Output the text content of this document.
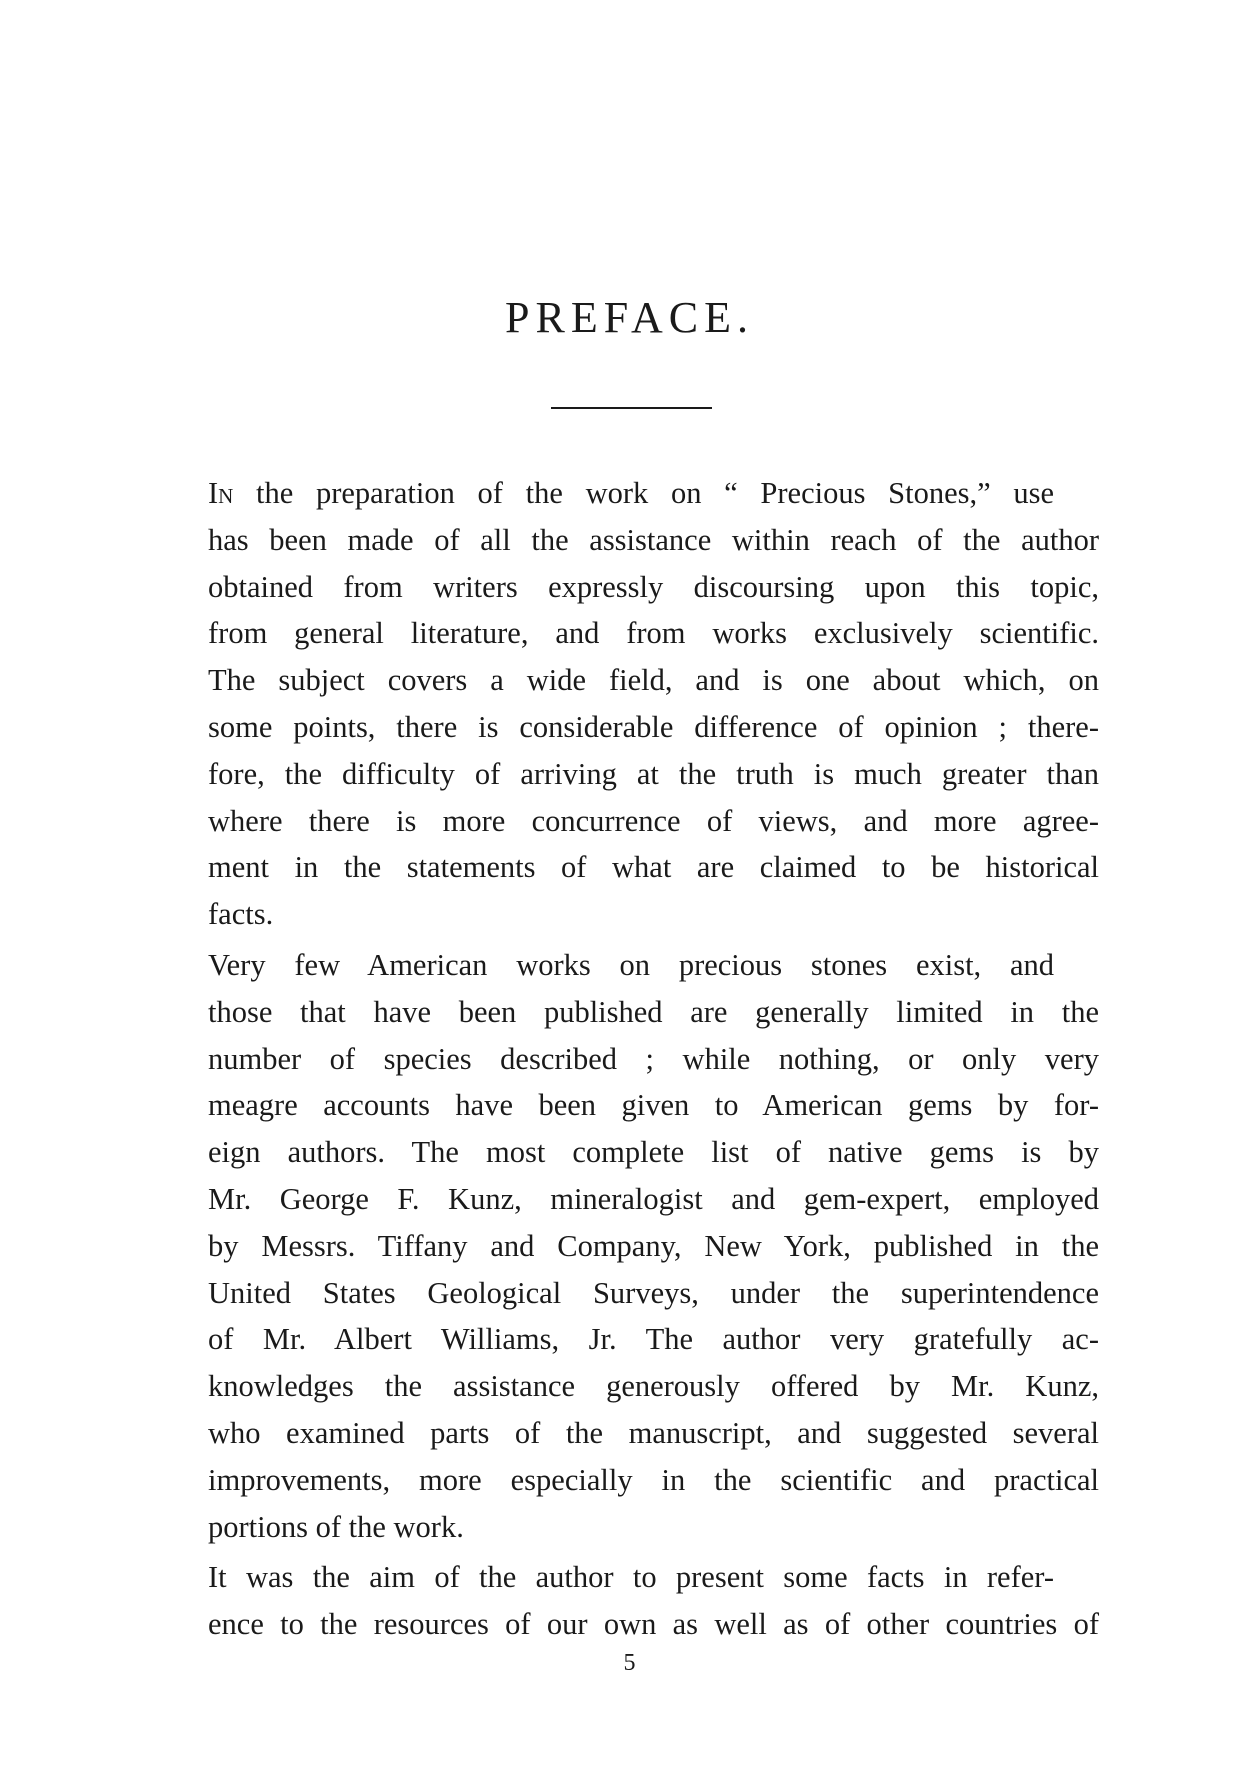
PREFACE.

In the preparation of the work on “ Precious Stones,” use
has been made of all the assistance within reach of the author
obtained from writers expressly discoursing upon this topic,
from general literature, and from works exclusively scientific.
The subject covers a wide field, and is one about which, on
some points, there is considerable difference of opinion ; there-
fore, the difficulty of arriving at the truth is much greater than
where there is more concurrence of views, and more agree-
ment in the statements of what are claimed to be historical
facts.

Very few American works on precious stones exist, and
those that have been published are generally limited in the
number of species described ; while nothing, or only very
meagre accounts have been given to American gems by for-
eign authors. The most complete list of native gems is by
Mr. George F. Kunz, mineralogist and gem-expert, employed
by Messrs. Tiffany and Company, New York, published in the
United States Geological Surveys, under the superintendence
of Mr. Albert Williams, Jr. The author very gratefully ac-
knowledges the assistance generously offered by Mr. Kunz,
who examined parts of the manuscript, and suggested several
improvements, more especially in the scientific and practical
portions of the work.

It was the aim of the author to present some facts in refer-
ence to the resources of our own as well as of other countries of

5
